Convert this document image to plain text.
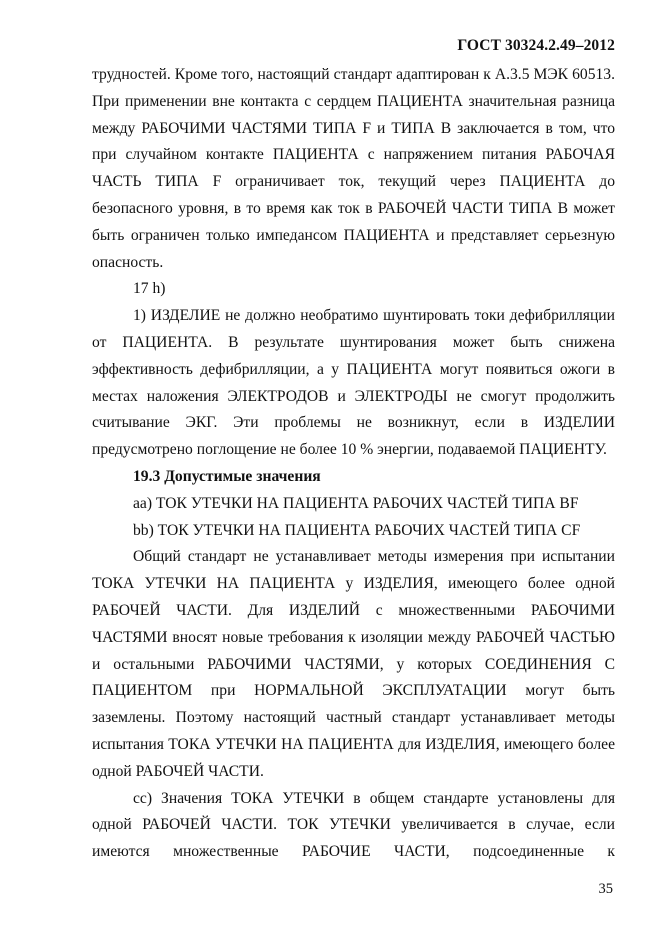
ГОСТ 30324.2.49–2012

трудностей. Кроме того, настоящий стандарт адаптирован к А.3.5 МЭК 60513. При применении вне контакта с сердцем ПАЦИЕНТА значительная разница между РАБОЧИМИ ЧАСТЯМИ ТИПА F и ТИПА B заключается в том, что при случайном контакте ПАЦИЕНТА с напряжением питания РАБОЧАЯ ЧАСТЬ ТИПА F ограничивает ток, текущий через ПАЦИЕНТА до безопасного уровня, в то время как ток в РАБОЧЕЙ ЧАСТИ ТИПА B может быть ограничен только импедансом ПАЦИЕНТА и представляет серьезную опасность.

17 h)

1) ИЗДЕЛИЕ не должно необратимо шунтировать токи дефибрилляции от ПАЦИЕНТА. В результате шунтирования может быть снижена эффективность дефибрилляции, а у ПАЦИЕНТА могут появиться ожоги в местах наложения ЭЛЕКТРОДОВ и ЭЛЕКТРОДЫ не смогут продолжить считывание ЭКГ. Эти проблемы не возникнут, если в ИЗДЕЛИИ предусмотрено поглощение не более 10 % энергии, подаваемой ПАЦИЕНТУ.

19.3 Допустимые значения

aa) ТОК УТЕЧКИ НА ПАЦИЕНТА РАБОЧИХ ЧАСТЕЙ ТИПА BF

bb) ТОК УТЕЧКИ НА ПАЦИЕНТА РАБОЧИХ ЧАСТЕЙ ТИПА CF

Общий стандарт не устанавливает методы измерения при испытании ТОКА УТЕЧКИ НА ПАЦИЕНТА у ИЗДЕЛИЯ, имеющего более одной РАБОЧЕЙ ЧАСТИ. Для ИЗДЕЛИЙ с множественными РАБОЧИМИ ЧАСТЯМИ вносят новые требования к изоляции между РАБОЧЕЙ ЧАСТЬЮ и остальными РАБОЧИМИ ЧАСТЯМИ, у которых СОЕДИНЕНИЯ С ПАЦИЕНТОМ при НОРМАЛЬНОЙ ЭКСПЛУАТАЦИИ могут быть заземлены. Поэтому настоящий частный стандарт устанавливает методы испытания ТОКА УТЕЧКИ НА ПАЦИЕНТА для ИЗДЕЛИЯ, имеющего более одной РАБОЧЕЙ ЧАСТИ.

cc) Значения ТОКА УТЕЧКИ в общем стандарте установлены для одной РАБОЧЕЙ ЧАСТИ. ТОК УТЕЧКИ увеличивается в случае, если имеются множественные РАБОЧИЕ ЧАСТИ, подсоединенные к

35
